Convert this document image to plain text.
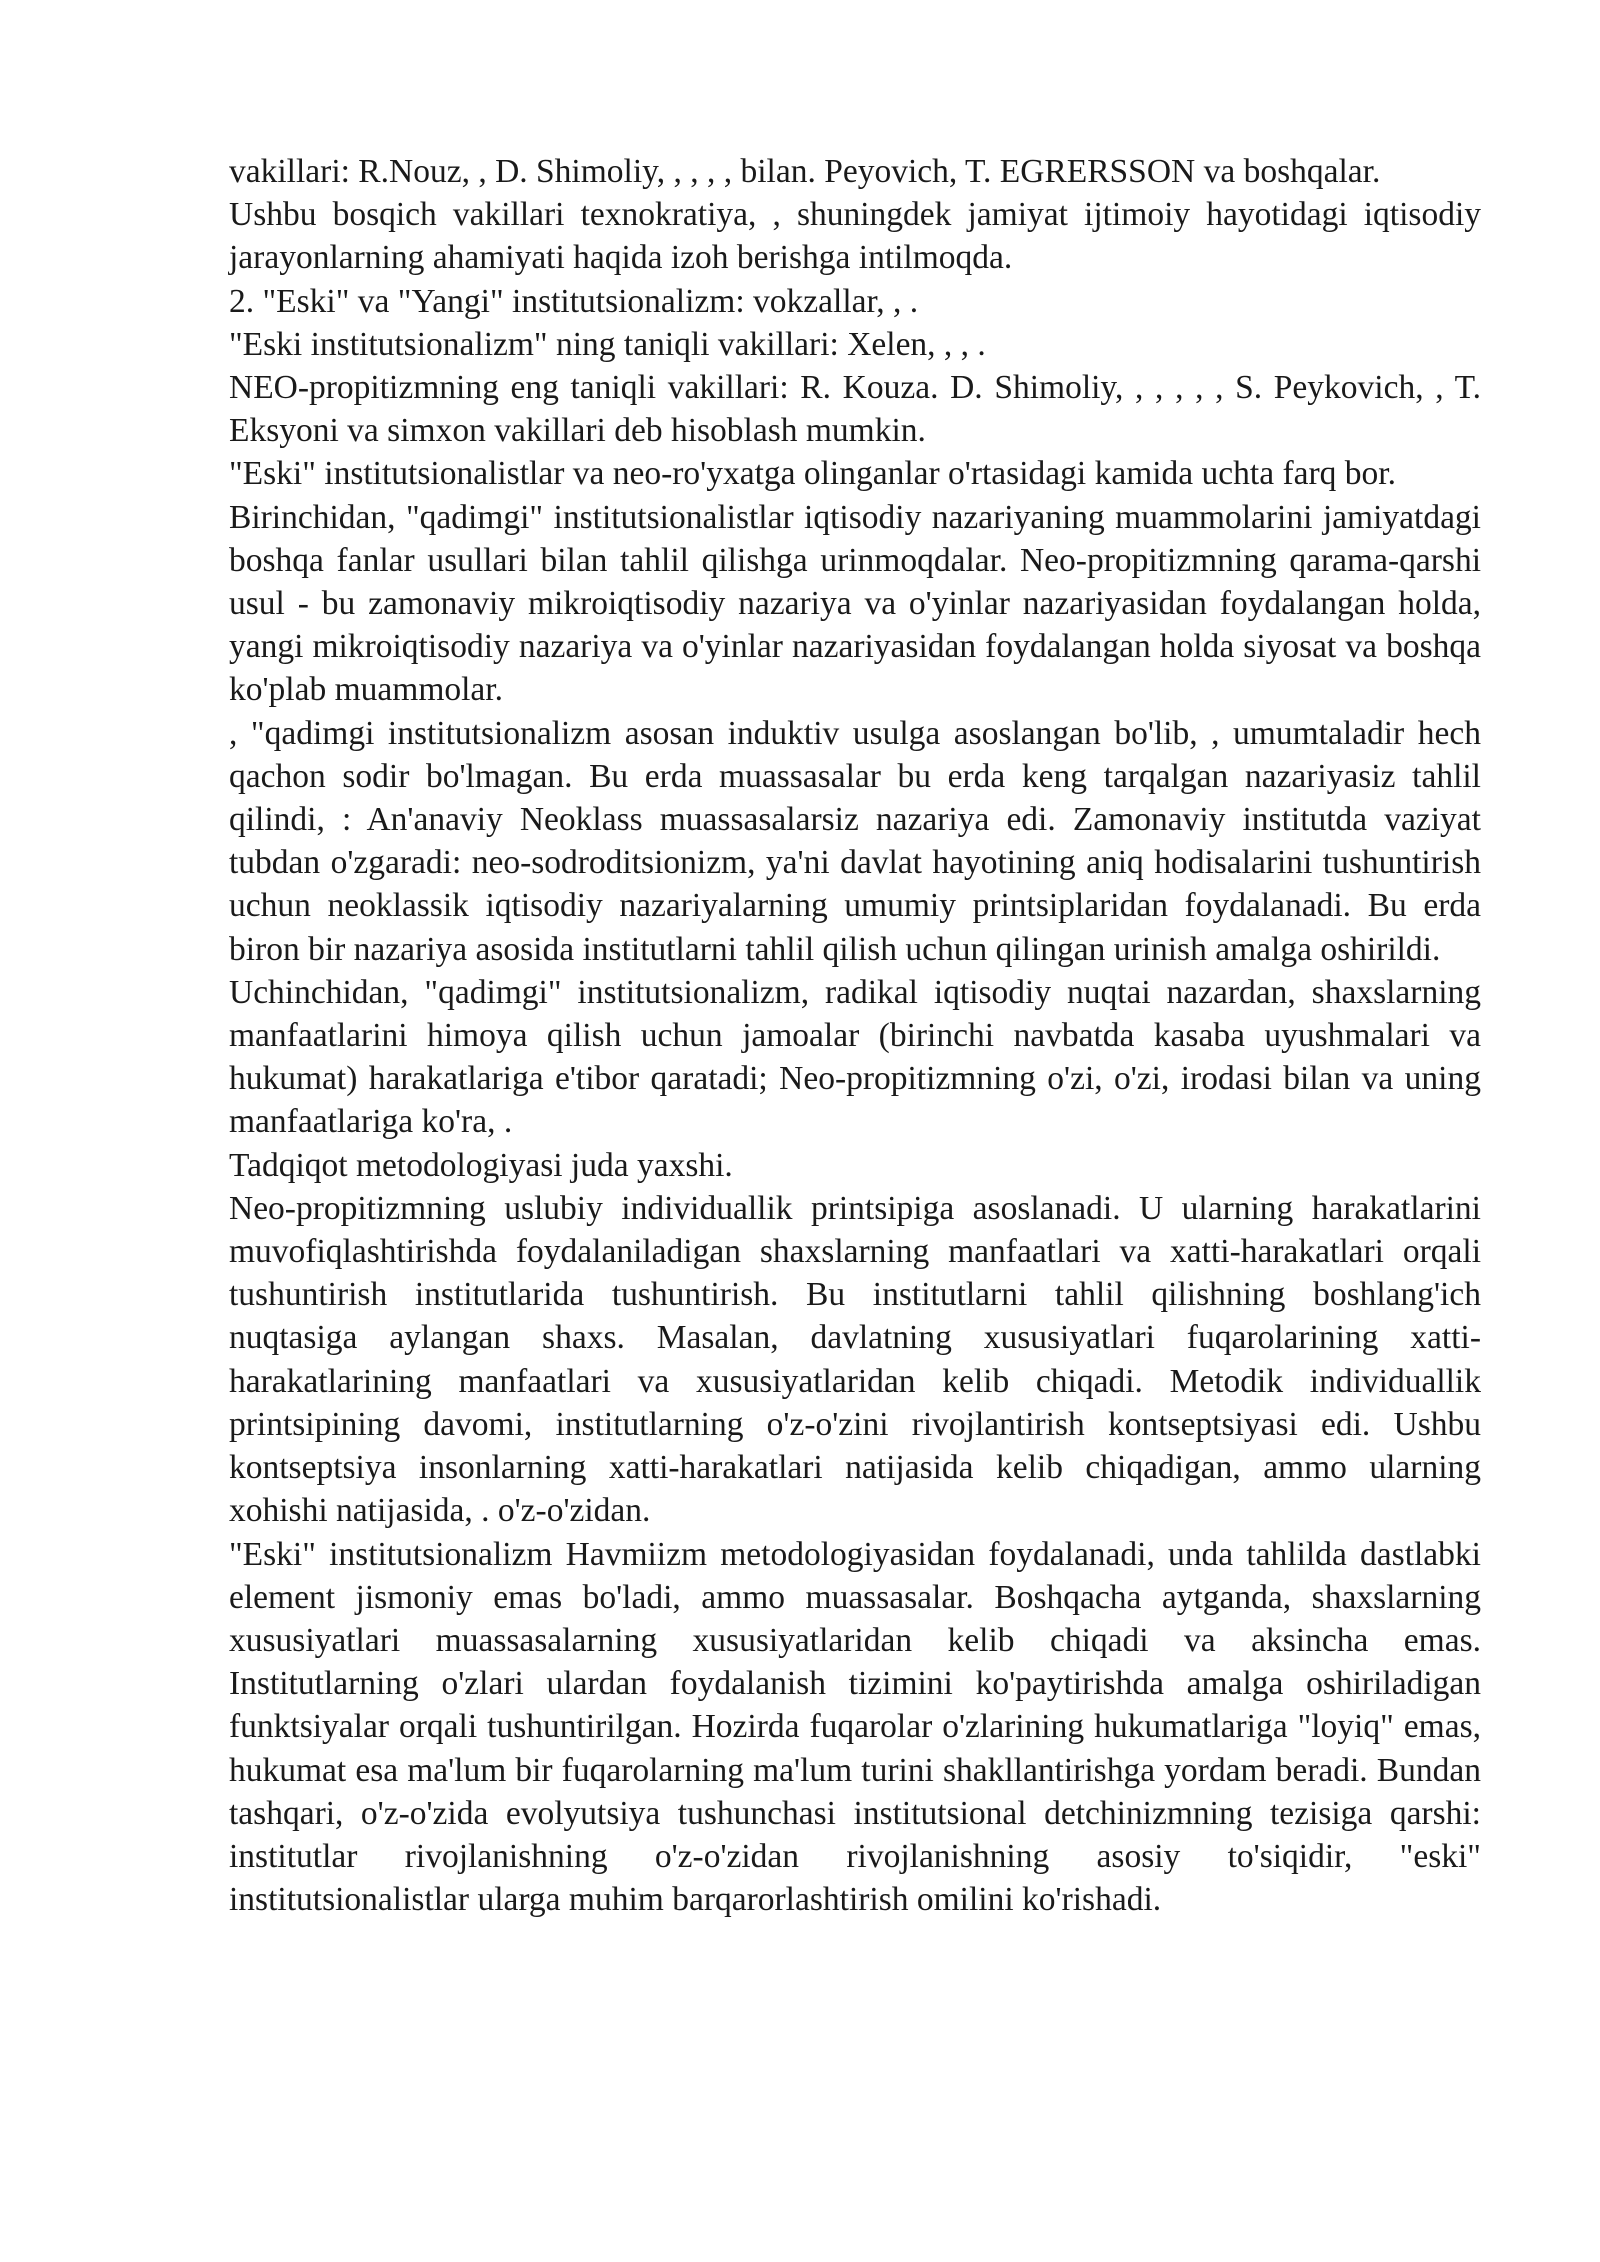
vakillari: R.Nouz, , D. Shimoliy, , , , , bilan. Peyovich, T. EGRERSSON va boshqalar.

Ushbu bosqich vakillari texnokratiya, , shuningdek jamiyat ijtimoiy hayotidagi iqtisodiy jarayonlarning ahamiyati haqida izoh berishga intilmoqda.

2. "Eski" va "Yangi" institutsionalizm: vokzallar, , .

"Eski institutsionalizm" ning taniqli vakillari: Xelen, , , .

NEO-propitizmning eng taniqli vakillari: R. Kouza. D. Shimoliy, , , , , , S. Peykovich, , T. Eksyoni va simxon vakillari deb hisoblash mumkin.

"Eski" institutsionalistlar va neo-ro'yxatga olinganlar o'rtasidagi kamida uchta farq bor.

Birinchidan, "qadimgi" institutsionalistlar iqtisodiy nazariyaning muammolarini jamiyatdagi boshqa fanlar usullari bilan tahlil qilishga urinmoqdalar. Neo-propitizmning qarama-qarshi usul - bu zamonaviy mikroiqtisodiy nazariya va o'yinlar nazariyasidan foydalangan holda, yangi mikroiqtisodiy nazariya va o'yinlar nazariyasidan foydalangan holda siyosat va boshqa ko'plab muammolar.

, "qadimgi institutsionalizm asosan induktiv usulga asoslangan bo'lib, , umumtaladir hech qachon sodir bo'lmagan. Bu erda muassasalar bu erda keng tarqalgan nazariyasiz tahlil qilindi, : An'anaviy Neoklass muassasalarsiz nazariya edi. Zamonaviy institutda vaziyat tubdan o'zgaradi: neo-sodroditsionizm, ya'ni davlat hayotining aniq hodisalarini tushuntirish uchun neoklassik iqtisodiy nazariyalarning umumiy printsiplaridan foydalanadi. Bu erda biron bir nazariya asosida institutlarni tahlil qilish uchun qilingan urinish amalga oshirildi.

Uchinchidan, "qadimgi" institutsionalizm, radikal iqtisodiy nuqtai nazardan, shaxslarning manfaatlarini himoya qilish uchun jamoalar (birinchi navbatda kasaba uyushmalari va hukumat) harakatlariga e'tibor qaratadi; Neo-propitizmning o'zi, o'zi, irodasi bilan va uning manfaatlariga ko'ra, .

Tadqiqot metodologiyasi juda yaxshi.

Neo-propitizmning uslubiy individuallik printsipiga asoslanadi. U ularning harakatlarini muvofiqlashtirishda foydalaniladigan shaxslarning manfaatlari va xatti-harakatlari orqali tushuntirish institutlarida tushuntirish. Bu institutlarni tahlil qilishning boshlang'ich nuqtasiga aylangan shaxs. Masalan, davlatning xususiyatlari fuqarolarining xatti-harakatlarining manfaatlari va xususiyatlaridan kelib chiqadi. Metodik individuallik printsipining davomi, institutlarning o'z-o'zini rivojlantirish kontseptsiyasi edi. Ushbu kontseptsiya insonlarning xatti-harakatlari natijasida kelib chiqadigan, ammo ularning xohishi natijasida, . o'z-o'zidan.

"Eski" institutsionalizm Havmiizm metodologiyasidan foydalanadi, unda tahlilda dastlabki element jismoniy emas bo'ladi, ammo muassasalar. Boshqacha aytganda, shaxslarning xususiyatlari muassasalarning xususiyatlaridan kelib chiqadi va aksincha emas. Institutlarning o'zlari ulardan foydalanish tizimini ko'paytirishda amalga oshiriladigan funktsiyalar orqali tushuntirilgan. Hozirda fuqarolar o'zlarining hukumatlariga "loyiq" emas, hukumat esa ma'lum bir fuqarolarning ma'lum turini shakllantirishga yordam beradi. Bundan tashqari, o'z-o'zida evolyutsiya tushunchasi institutsional detchinizmning tezisiga qarshi: institutlar rivojlanishning o'z-o'zidan rivojlanishning asosiy to'siqidir, "eski" institutsionalistlar ularga muhim barqarorlashtirish omilini ko'rishadi.
